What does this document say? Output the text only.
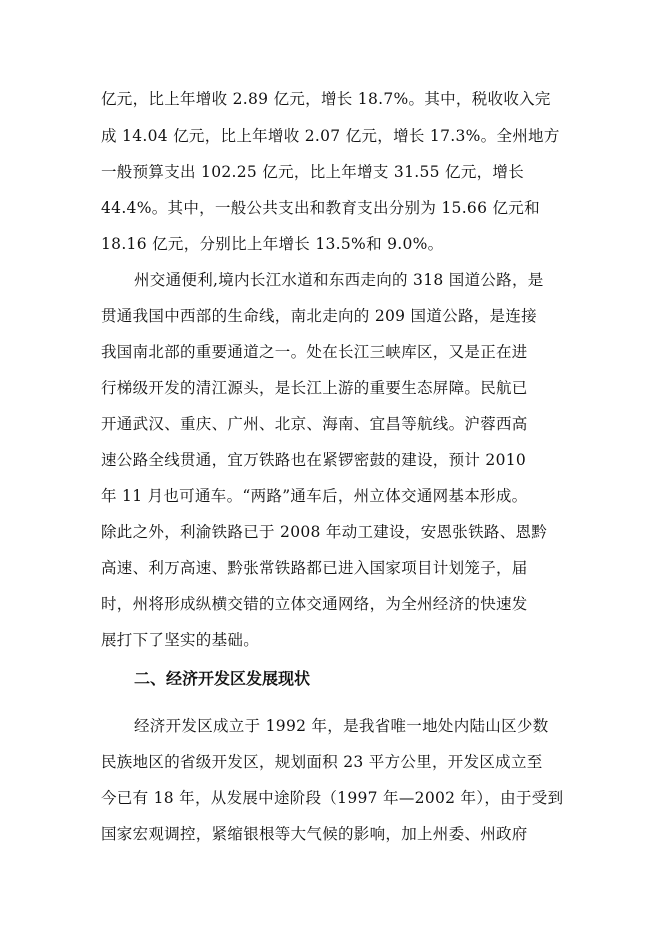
亿元，比上年增收 2.89 亿元，增长 18.7%。其中，税收收入完
成 14.04 亿元，比上年增收 2.07 亿元，增长 17.3%。全州地方
一般预算支出 102.25 亿元，比上年增支 31.55 亿元，增长
44.4%。其中，一般公共支出和教育支出分别为 15.66 亿元和
18.16 亿元，分别比上年增长 13.5%和 9.0%。
州交通便利,境内长江水道和东西走向的 318 国道公路，是
贯通我国中西部的生命线，南北走向的 209 国道公路，是连接
我国南北部的重要通道之一。处在长江三峡库区，又是正在进
行梯级开发的清江源头，是长江上游的重要生态屏障。民航已
开通武汉、重庆、广州、北京、海南、宜昌等航线。沪蓉西高
速公路全线贯通，宜万铁路也在紧锣密鼓的建设，预计 2010
年 11 月也可通车。“两路”通车后，州立体交通网基本形成。
除此之外，利渝铁路已于 2008 年动工建设，安恩张铁路、恩黔
高速、利万高速、黔张常铁路都已进入国家项目计划笼子，届
时，州将形成纵横交错的立体交通网络，为全州经济的快速发
展打下了坚实的基础。
二、经济开发区发展现状
经济开发区成立于 1992 年，是我省唯一地处内陆山区少数
民族地区的省级开发区，规划面积 23 平方公里，开发区成立至
今已有 18 年，从发展中途阶段（1997 年—2002 年），由于受到
国家宏观调控，紧缩银根等大气候的影响，加上州委、州政府
